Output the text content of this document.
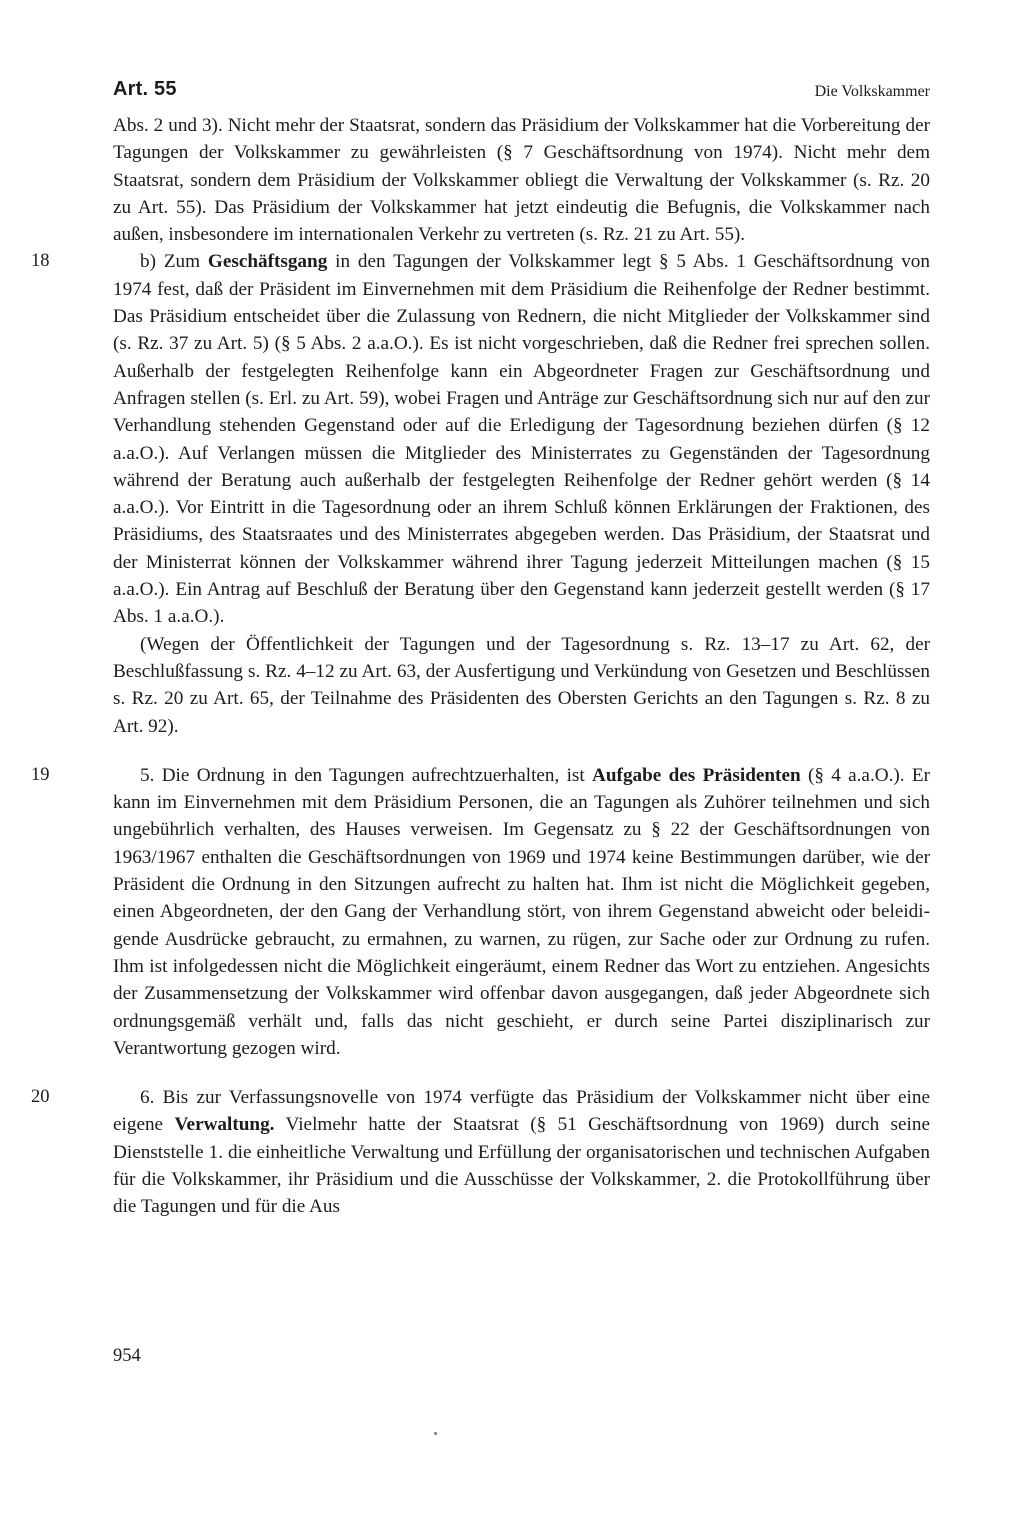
Art. 55	Die Volkskammer

Abs. 2 und 3). Nicht mehr der Staatsrat, sondern das Präsidium der Volkskammer hat die Vorbereitung der Tagungen der Volkskammer zu gewährleisten (§ 7 Geschäftsordnung von 1974). Nicht mehr dem Staatsrat, sondern dem Präsidium der Volkskammer obliegt die Verwaltung der Volkskammer (s. Rz. 20 zu Art. 55). Das Präsidium der Volkskammer hat jetzt eindeutig die Befugnis, die Volkskammer nach außen, insbesondere im internationalen Verkehr zu vertreten (s. Rz. 21 zu Art. 55).

18	b) Zum Geschäftsgang in den Tagungen der Volkskammer legt § 5 Abs. 1 Geschäftsordnung von 1974 fest, daß der Präsident im Einvernehmen mit dem Präsidium die Reihenfolge der Redner bestimmt. Das Präsidium entscheidet über die Zulassung von Rednern, die nicht Mitglieder der Volkskammer sind (s. Rz. 37 zu Art. 5) (§ 5 Abs. 2 a.a.O.). Es ist nicht vorgeschrieben, daß die Redner frei sprechen sollen. Außerhalb der festgelegten Reihenfolge kann ein Abgeordneter Fragen zur Geschäftsordnung und Anfragen stellen (s. Erl. zu Art. 59), wobei Fragen und Anträge zur Geschäftsordnung sich nur auf den zur Verhandlung stehenden Gegenstand oder auf die Erledigung der Tagesordnung beziehen dürfen (§ 12 a.a.O.). Auf Verlangen müssen die Mitglieder des Ministerrates zu Gegenständen der Tagesordnung während der Beratung auch außerhalb der festgelegten Reihenfolge der Redner gehört werden (§ 14 a.a.O.). Vor Eintritt in die Tagesordnung oder an ihrem Schluß können Erklärungen der Fraktionen, des Präsidiums, des Staatsraates und des Ministerrates abgegeben werden. Das Präsidium, der Staatsrat und der Ministerrat können der Volkskammer während ihrer Tagung jederzeit Mitteilungen machen (§ 15 a.a.O.). Ein Antrag auf Beschluß der Beratung über den Gegenstand kann jederzeit gestellt werden (§ 17 Abs. 1 a.a.O.).

(Wegen der Öffentlichkeit der Tagungen und der Tagesordnung s. Rz. 13–17 zu Art. 62, der Beschlußfassung s. Rz. 4–12 zu Art. 63, der Ausfertigung und Verkündung von Gesetzen und Beschlüssen s. Rz. 20 zu Art. 65, der Teilnahme des Präsidenten des Obersten Gerichts an den Tagungen s. Rz. 8 zu Art. 92).

19	5. Die Ordnung in den Tagungen aufrechtzuerhalten, ist Aufgabe des Präsidenten (§ 4 a.a.O.). Er kann im Einvernehmen mit dem Präsidium Personen, die an Tagungen als Zuhörer teilnehmen und sich ungebührlich verhalten, des Hauses verweisen. Im Gegensatz zu § 22 der Geschäftsordnungen von 1963/1967 enthalten die Geschäftsordnungen von 1969 und 1974 keine Bestimmungen darüber, wie der Präsident die Ordnung in den Sitzungen aufrecht zu halten hat. Ihm ist nicht die Möglichkeit gegeben, einen Abgeordneten, der den Gang der Verhandlung stört, von ihrem Gegenstand abweicht oder beleidigende Ausdrücke gebraucht, zu ermahnen, zu warnen, zu rügen, zur Sache oder zur Ordnung zu rufen. Ihm ist infolgedessen nicht die Möglichkeit eingeräumt, einem Redner das Wort zu entziehen. Angesichts der Zusammensetzung der Volkskammer wird offenbar davon ausgegangen, daß jeder Abgeordnete sich ordnungsgemäß verhält und, falls das nicht geschieht, er durch seine Partei disziplinarisch zur Verantwortung gezogen wird.

20	6. Bis zur Verfassungsnovelle von 1974 verfügte das Präsidium der Volkskammer nicht über eine eigene Verwaltung. Vielmehr hatte der Staatsrat (§ 51 Geschäftsordnung von 1969) durch seine Dienststelle 1. die einheitliche Verwaltung und Erfüllung der organisatorischen und technischen Aufgaben für die Volkskammer, ihr Präsidium und die Ausschüsse der Volkskammer, 2. die Protokollführung über die Tagungen und für die Aus

954
